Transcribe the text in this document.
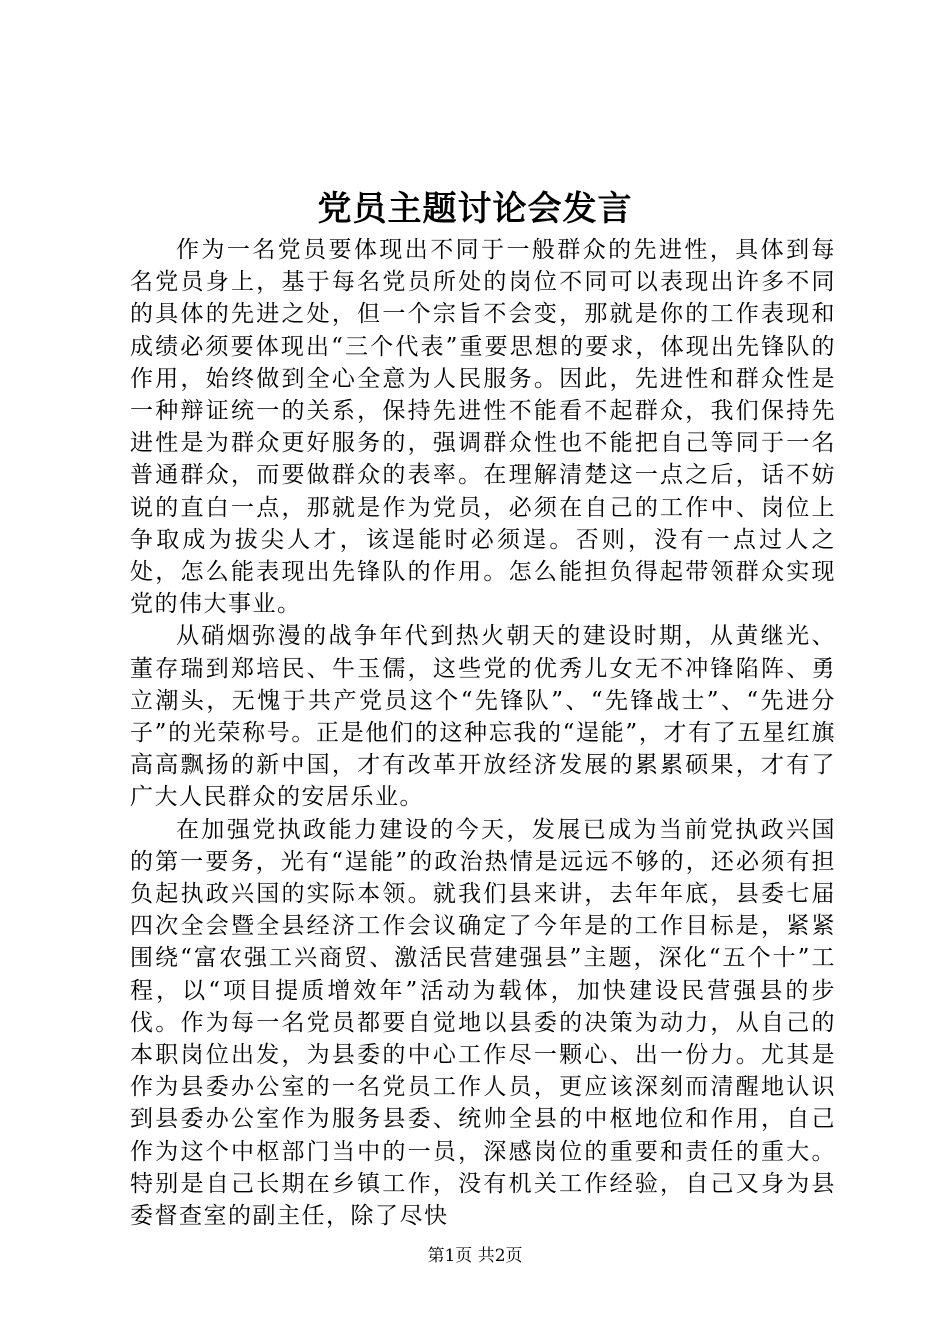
党员主题讨论会发言

作为一名党员要体现出不同于一般群众的先进性，具体到每名党员身上，基于每名党员所处的岗位不同可以表现出许多不同的具体的先进之处，但一个宗旨不会变，那就是你的工作表现和成绩必须要体现出“三个代表”重要思想的要求，体现出先锋队的作用，始终做到全心全意为人民服务。因此，先进性和群众性是一种辩证统一的关系，保持先进性不能看不起群众，我们保持先进性是为群众更好服务的，强调群众性也不能把自己等同于一名普通群众，而要做群众的表率。在理解清楚这一点之后，话不妨说的直白一点，那就是作为党员，必须在自己的工作中、岗位上争取成为拔尖人才，该逞能时必须逞。否则，没有一点过人之处，怎么能表现出先锋队的作用。怎么能担负得起带领群众实现党的伟大事业。

从硝烟弥漫的战争年代到热火朝天的建设时期，从黄继光、董存瑞到郑培民、牛玉儒，这些党的优秀儿女无不冲锋陷阵、勇立潮头，无愧于共产党员这个“先锋队”、“先锋战士”、“先进分子”的光荣称号。正是他们的这种忘我的“逞能”，才有了五星红旗高高飘扬的新中国，才有改革开放经济发展的累累硕果，才有了广大人民群众的安居乐业。

在加强党执政能力建设的今天，发展已成为当前党执政兴国的第一要务，光有“逞能”的政治热情是远远不够的，还必须有担负起执政兴国的实际本领。就我们县来讲，去年年底，县委七届四次全会暨全县经济工作会议确定了今年是的工作目标是，紧紧围绕“富农强工兴商贸、激活民营建强县”主题，深化“五个十”工程，以“项目提质增效年”活动为载体，加快建设民营强县的步伐。作为每一名党员都要自觉地以县委的决策为动力，从自己的本职岗位出发，为县委的中心工作尽一颗心、出一份力。尤其是作为县委办公室的一名党员工作人员，更应该深刻而清醒地认识到县委办公室作为服务县委、统帅全县的中枢地位和作用，自己作为这个中枢部门当中的一员，深感岗位的重要和责任的重大。特别是自己长期在乡镇工作，没有机关工作经验，自己又身为县委督查室的副主任，除了尽快

第1页 共2页
